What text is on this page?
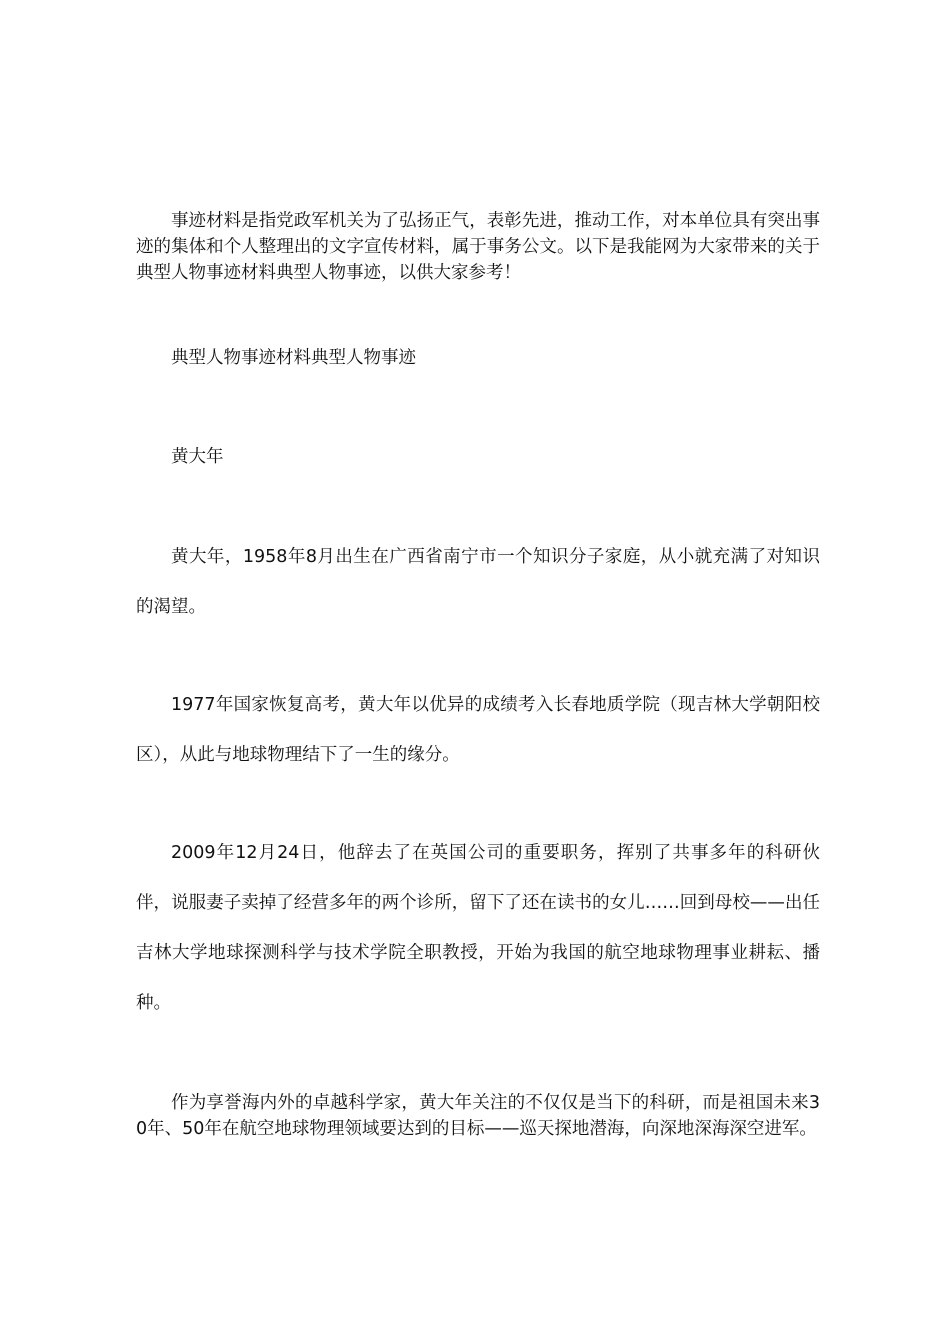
事迹材料是指党政军机关为了弘扬正气，表彰先进，推动工作，对本单位具有突出事迹的集体和个人整理出的文字宣传材料，属于事务公文。以下是我能网为大家带来的关于典型人物事迹材料典型人物事迹，以供大家参考！

典型人物事迹材料典型人物事迹

黄大年

黄大年，1958年8月出生在广西省南宁市一个知识分子家庭，从小就充满了对知识的渴望。

1977年国家恢复高考，黄大年以优异的成绩考入长春地质学院（现吉林大学朝阳校区），从此与地球物理结下了一生的缘分。

2009年12月24日，他辞去了在英国公司的重要职务，挥别了共事多年的科研伙伴，说服妻子卖掉了经营多年的两个诊所，留下了还在读书的女儿……回到母校——出任吉林大学地球探测科学与技术学院全职教授，开始为我国的航空地球物理事业耕耘、播种。

作为享誉海内外的卓越科学家，黄大年关注的不仅仅是当下的科研，而是祖国未来30年、50年在航空地球物理领域要达到的目标——巡天探地潜海，向深地深海深空进军。
